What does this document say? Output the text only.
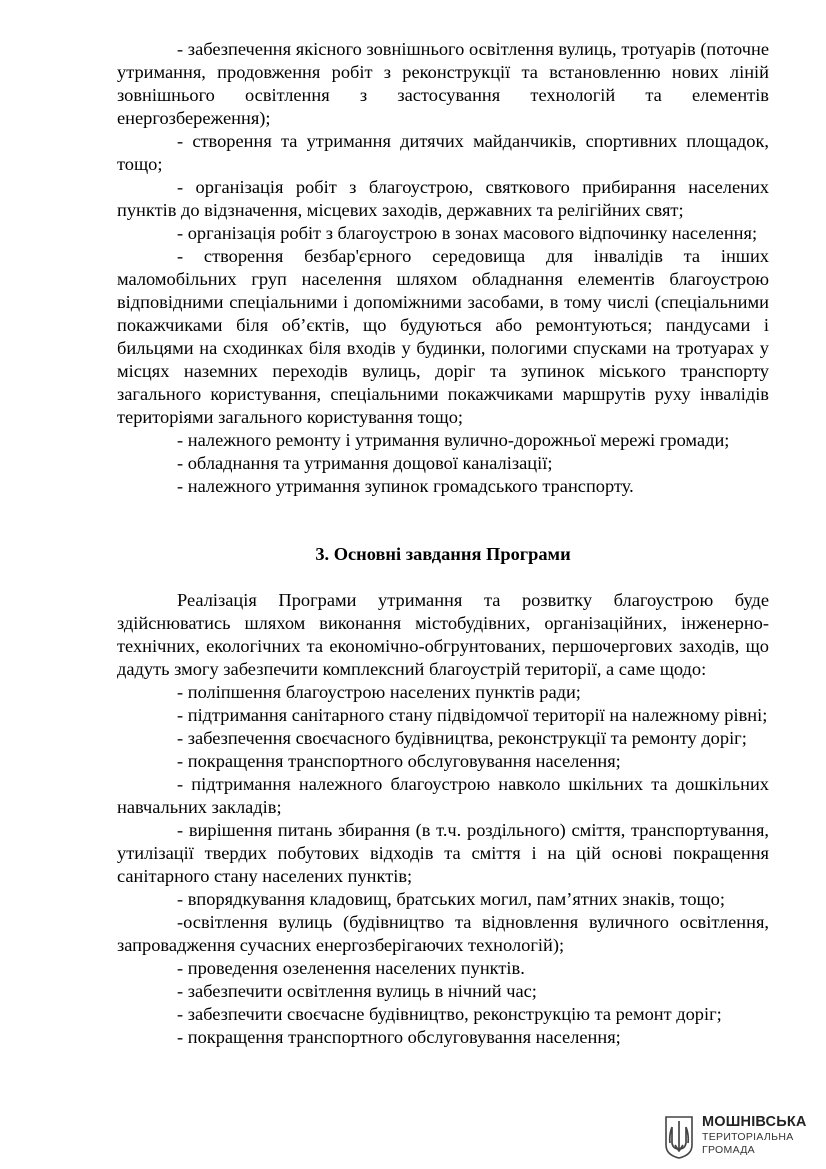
- забезпечення якісного зовнішнього освітлення вулиць, тротуарів (поточне утримання, продовження робіт з реконструкції та встановленню нових ліній зовнішнього освітлення з застосування технологій та елементів енергозбереження);

- створення та утримання дитячих майданчиків, спортивних площадок, тощо;

- організація робіт з благоустрою, святкового прибирання населених пунктів до відзначення, місцевих заходів, державних та релігійних свят;

- організація робіт з благоустрою в зонах масового відпочинку населення;

- створення безбар'єрного середовища для інвалідів та інших маломобільних груп населення шляхом обладнання елементів благоустрою відповідними спеціальними і допоміжними засобами, в тому числі (спеціальними покажчиками біля об’єктів, що будуються або ремонтуються; пандусами і бильцями на сходинках біля входів у будинки, пологими спусками на тротуарах у місцях наземних переходів вулиць, доріг та зупинок міського транспорту загального користування, спеціальними покажчиками маршрутів руху інвалідів територіями загального користування тощо;

- належного ремонту і утримання вулично-дорожньої мережі громади;

- обладнання та утримання дощової каналізації;

- належного утримання зупинок громадського транспорту.

3. Основні завдання Програми

Реалізація Програми утримання та розвитку благоустрою буде здійснюватись шляхом виконання містобудівних, організаційних, інженерно-технічних, екологічних та економічно-обгрунтованих, першочергових заходів, що дадуть змогу забезпечити комплексний благоустрій території, а саме щодо:

- поліпшення благоустрою населених пунктів ради;

- підтримання санітарного стану підвідомчої території на належному рівні;

- забезпечення своєчасного будівництва, реконструкції та ремонту доріг;

- покращення транспортного обслуговування населення;

- підтримання належного благоустрою навколо шкільних та дошкільних навчальних закладів;

- вирішення питань збирання (в т.ч. роздільного) сміття, транспортування, утилізації твердих побутових відходів та сміття і на цій основі покращення санітарного стану населених пунктів;

- впорядкування кладовищ, братських могил, пам’ятних знаків, тощо;

-освітлення вулиць (будівництво та відновлення вуличного освітлення, запровадження сучасних енергозберігаючих технологій);

- проведення озеленення населених пунктів.

- забезпечити освітлення вулиць в нічний час;

- забезпечити своєчасне будівництво, реконструкцію та ремонт доріг;

- покращення транспортного обслуговування населення;

МОШНІВСЬКА
ТЕРИТОРІАЛЬНА
ГРОМАДА
